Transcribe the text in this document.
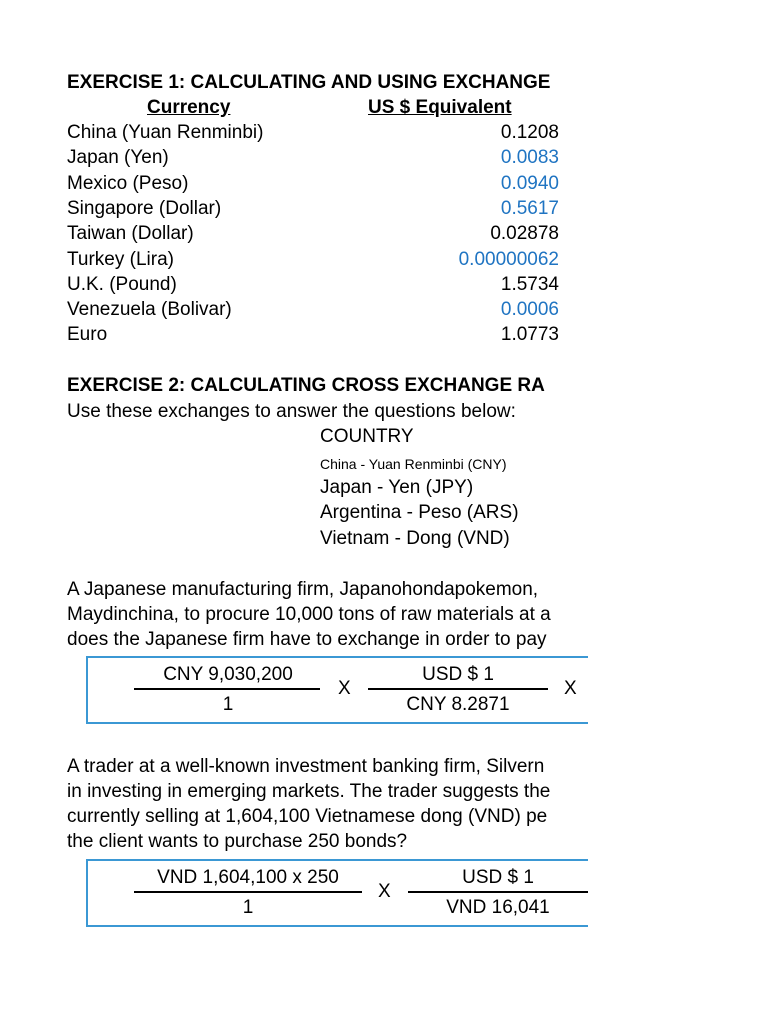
EXERCISE 1: CALCULATING AND USING EXCHANGE
Currency	US $ Equivalent
China (Yuan Renminbi)	0.1208
Japan (Yen)	0.0083
Mexico (Peso)	0.0940
Singapore (Dollar)	0.5617
Taiwan (Dollar)	0.02878
Turkey (Lira)	0.00000062
U.K. (Pound)	1.5734
Venezuela (Bolivar)	0.0006
Euro	1.0773
EXERCISE 2: CALCULATING CROSS EXCHANGE RA
Use these exchanges to answer the questions below:
COUNTRY
China - Yuan Renminbi (CNY)
Japan - Yen (JPY)
Argentina - Peso (ARS)
Vietnam - Dong (VND)
A Japanese manufacturing firm, Japanohondapokemon,
Maydinchina, to procure 10,000 tons of raw materials at a
does the Japanese firm have to exchange in order to pay
CNY 9,030,200
1
X
USD $ 1
CNY 8.2871
X
A trader at a well-known investment banking firm, Silvern
in investing in emerging markets. The trader suggests the
currently selling at 1,604,100 Vietnamese dong (VND) pe
the client wants to purchase 250 bonds?
VND 1,604,100 x 250
1
X
USD $ 1
VND 16,041
